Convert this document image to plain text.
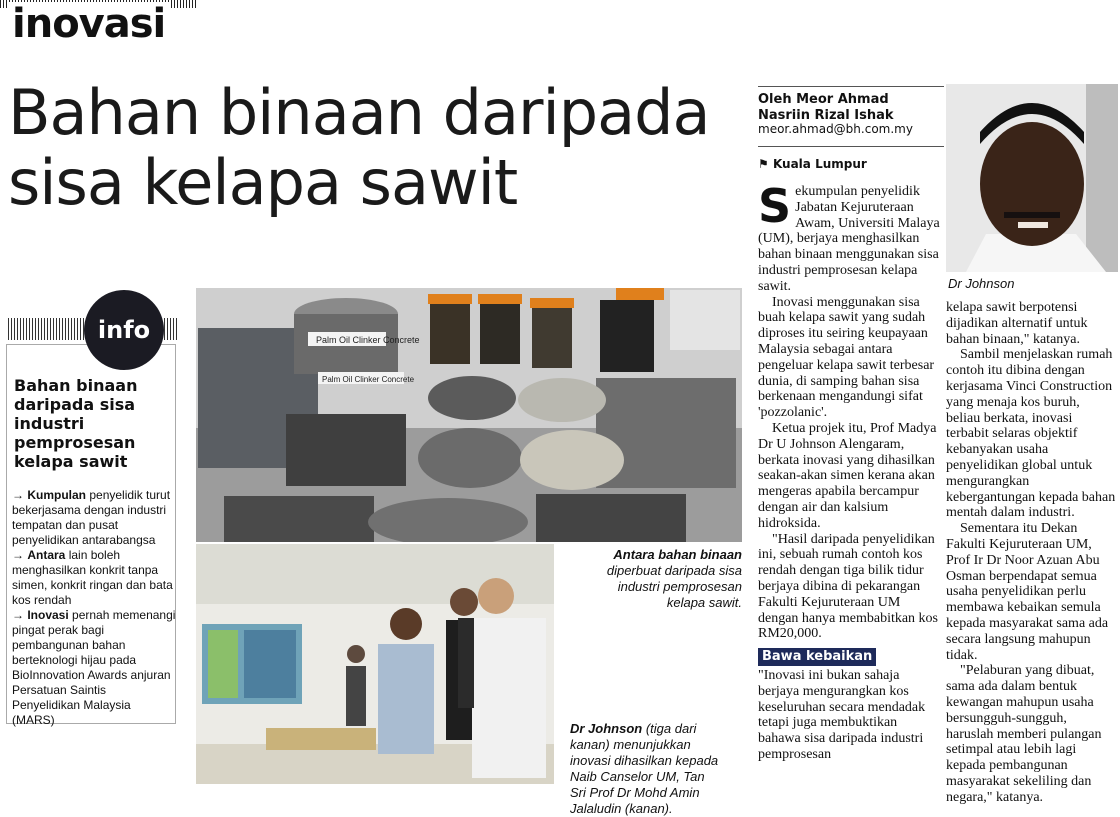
inovasi
Bahan binaan daripada
sisa kelapa sawit
info
Bahan binaan daripada sisa industri pemprosesan kelapa sawit
→ Kumpulan penyelidik turut bekerjasama dengan industri tempatan dan pusat penyelidikan antarabangsa
→ Antara lain boleh menghasilkan konkrit tanpa simen, konkrit ringan dan bata kos rendah
→ Inovasi pernah memenangi pingat perak bagi pembangunan bahan berteknologi hijau pada BioInnovation Awards anjuran Persatuan Saintis Penyelidikan Malaysia (MARS)
Palm Oil Clinker Concrete
Palm Oil Clinker Concrete
Antara bahan binaan diperbuat daripada sisa industri pemprosesan kelapa sawit.
Dr Johnson (tiga dari kanan) menunjukkan inovasi dihasilkan kepada Naib Canselor UM, Tan Sri Prof Dr Mohd Amin Jalaludin (kanan).
Dr Johnson
Oleh Meor Ahmad
Nasriin Rizal Ishak
meor.ahmad@bh.com.my
⚑ Kuala Lumpur

Sekumpulan penyelidik Jabatan Kejuruteraan Awam, Universiti Malaya (UM), berjaya menghasilkan bahan binaan menggunakan sisa industri pemprosesan kelapa sawit.

Inovasi menggunakan sisa buah kelapa sawit yang sudah diproses itu seiring keupayaan Malaysia sebagai antara pengeluar kelapa sawit terbesar dunia, di samping bahan sisa berkenaan mengandungi sifat 'pozzolanic'.

Ketua projek itu, Prof Madya Dr U Johnson Alengaram, berkata inovasi yang dihasilkan seakan-akan simen kerana akan mengeras apabila bercampur dengan air dan kalsium hidroksida.

"Hasil daripada penyelidikan ini, sebuah rumah contoh kos rendah dengan tiga bilik tidur berjaya dibina di pekarangan Fakulti Kejuruteraan UM dengan hanya membabitkan kos RM20,000.

Bawa kebaikan

"Inovasi ini bukan sahaja berjaya mengurangkan kos keseluruhan secara mendadak tetapi juga membuktikan bahawa sisa daripada industri pemprosesan

kelapa sawit berpotensi dijadikan alternatif untuk bahan binaan," katanya.

Sambil menjelaskan rumah contoh itu dibina dengan kerjasama Vinci Construction yang menaja kos buruh, beliau berkata, inovasi terbabit selaras objektif kebanyakan usaha penyelidikan global untuk mengurangkan kebergantungan kepada bahan mentah dalam industri.

Sementara itu Dekan Fakulti Kejuruteraan UM, Prof Ir Dr Noor Azuan Abu Osman berpendapat semua usaha penyelidikan perlu membawa kebaikan semula kepada masyarakat sama ada secara langsung mahupun tidak.

"Pelaburan yang dibuat, sama ada dalam bentuk kewangan mahupun usaha bersungguh-sungguh, haruslah memberi pulangan setimpal atau lebih lagi kepada pembangunan masyarakat sekeliling dan negara," katanya.
